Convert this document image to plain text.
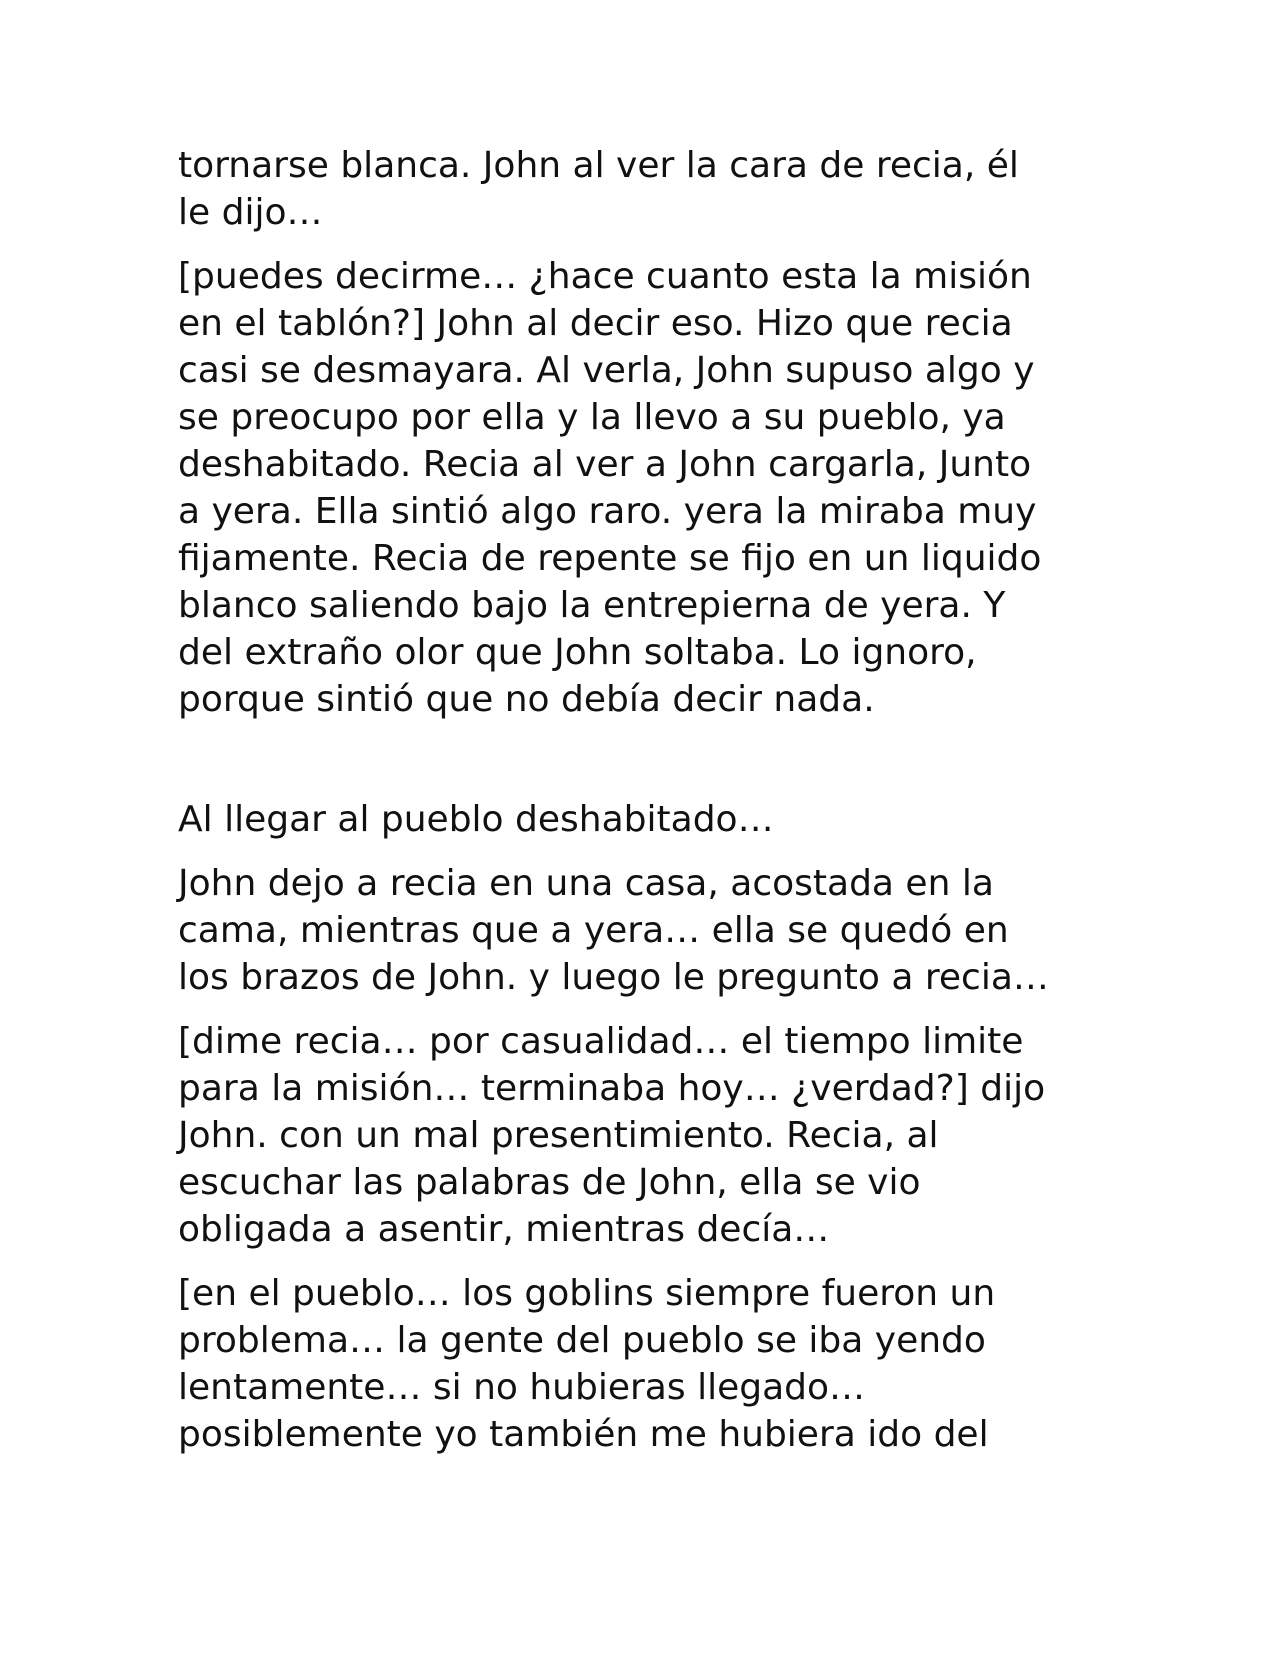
tornarse blanca. John al ver la cara de recia, él
le dijo…

[puedes decirme… ¿hace cuanto esta la misión
en el tablón?] John al decir eso. Hizo que recia
casi se desmayara. Al verla, John supuso algo y
se preocupo por ella y la llevo a su pueblo, ya
deshabitado. Recia al ver a John cargarla, Junto
a yera. Ella sintió algo raro. yera la miraba muy
fijamente. Recia de repente se fijo en un liquido
blanco saliendo bajo la entrepierna de yera. Y
del extraño olor que John soltaba. Lo ignoro,
porque sintió que no debía decir nada.

Al llegar al pueblo deshabitado…

John dejo a recia en una casa, acostada en la
cama, mientras que a yera… ella se quedó en
los brazos de John. y luego le pregunto a recia…

[dime recia… por casualidad… el tiempo limite
para la misión… terminaba hoy… ¿verdad?] dijo
John. con un mal presentimiento. Recia, al
escuchar las palabras de John, ella se vio
obligada a asentir, mientras decía…

[en el pueblo… los goblins siempre fueron un
problema… la gente del pueblo se iba yendo
lentamente… si no hubieras llegado…
posiblemente yo también me hubiera ido del
